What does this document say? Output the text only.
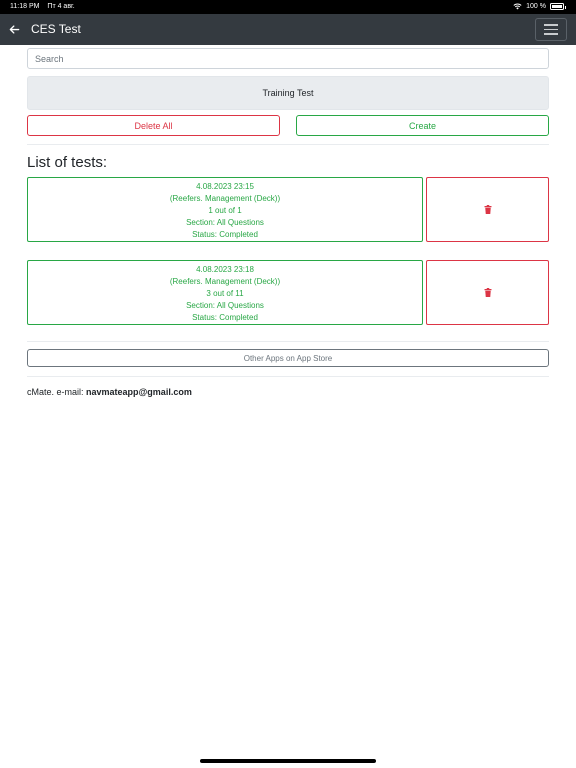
11:18 PM Пт 4 авг.	100 %
CES Test
Search
Training Test
Delete All	Create
List of tests:
4.08.2023 23:15
(Reefers. Management (Deck))
1 out of 1
Section: All Questions
Status: Completed
4.08.2023 23:18
(Reefers. Management (Deck))
3 out of 11
Section: All Questions
Status: Completed
Other Apps on App Store
cMate. e-mail: navmateapp@gmail.com
